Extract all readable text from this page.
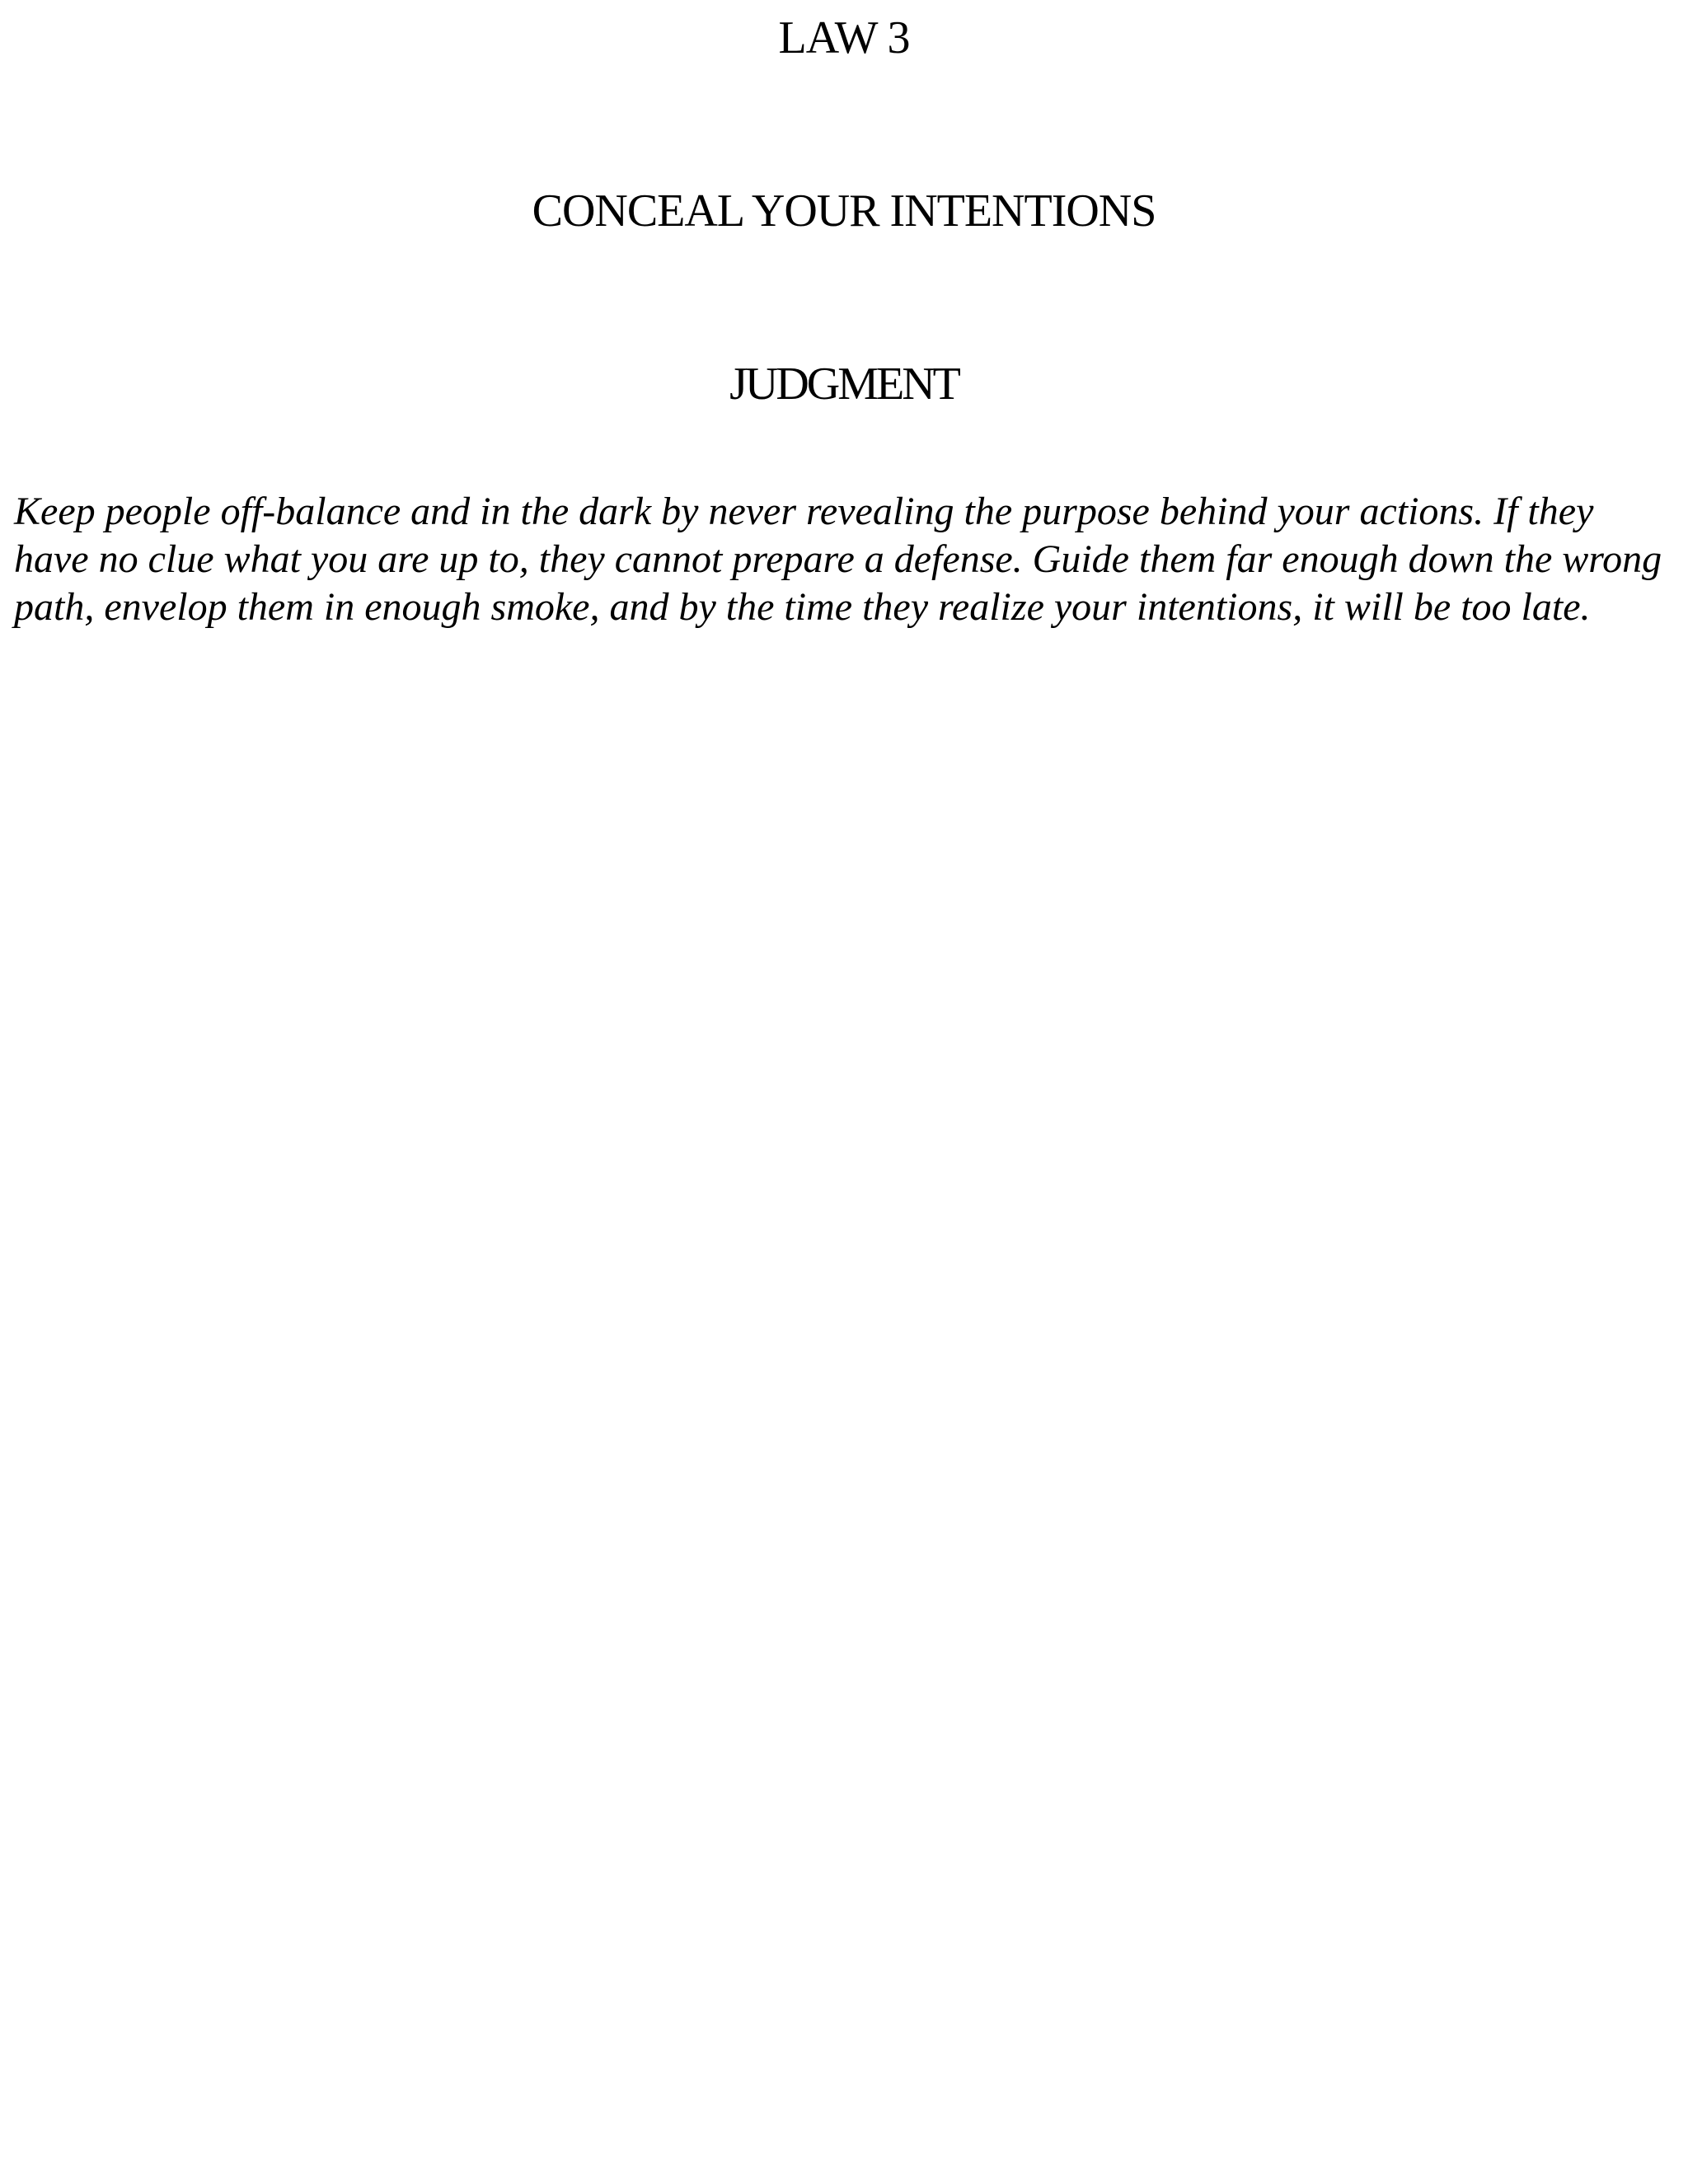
LAW 3
CONCEAL YOUR INTENTIONS
JUDGMENT

Keep people off-balance and in the dark by never revealing the purpose behind your actions. If they have no clue what you are up to, they cannot prepare a defense. Guide them far enough down the wrong path, envelop them in enough smoke, and by the time they realize your intentions, it will be too late.
